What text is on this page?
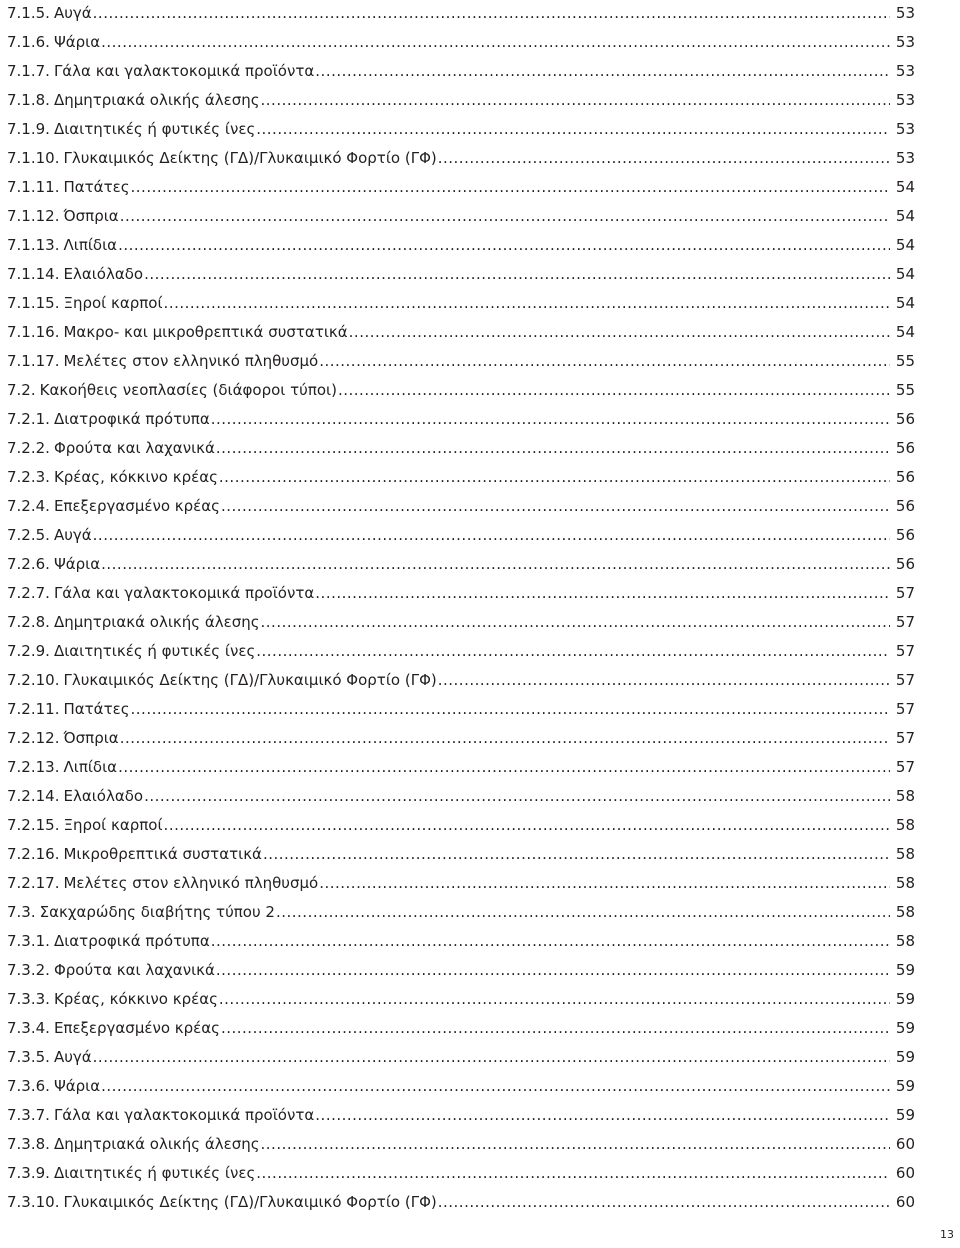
7.1.5. Αυγά .....	53
7.1.6. Ψάρια .....	53
7.1.7. Γάλα και γαλακτοκομικά προϊόντα .....	53
7.1.8. Δημητριακά ολικής άλεσης .....	53
7.1.9. Διαιτητικές ή φυτικές ίνες .....	53
7.1.10. Γλυκαιμικός Δείκτης (ΓΔ)/Γλυκαιμικό Φορτίο (ΓΦ) .....	53
7.1.11. Πατάτες .....	54
7.1.12. Όσπρια .....	54
7.1.13. Λιπίδια .....	54
7.1.14. Ελαιόλαδο .....	54
7.1.15. Ξηροί καρποί .....	54
7.1.16. Μακρο- και μικροθρεπτικά συστατικά .....	54
7.1.17. Μελέτες στον ελληνικό πληθυσμό .....	55
7.2. Κακοήθεις νεοπλασίες (διάφοροι τύποι) .....	55
7.2.1. Διατροφικά πρότυπα .....	56
7.2.2. Φρούτα και λαχανικά .....	56
7.2.3. Κρέας, κόκκινο κρέας .....	56
7.2.4. Επεξεργασμένο κρέας .....	56
7.2.5. Αυγά .....	56
7.2.6. Ψάρια .....	56
7.2.7. Γάλα και γαλακτοκομικά προϊόντα .....	57
7.2.8. Δημητριακά ολικής άλεσης .....	57
7.2.9. Διαιτητικές ή φυτικές ίνες .....	57
7.2.10. Γλυκαιμικός Δείκτης (ΓΔ)/Γλυκαιμικό Φορτίο (ΓΦ) .....	57
7.2.11. Πατάτες .....	57
7.2.12. Όσπρια .....	57
7.2.13. Λιπίδια .....	57
7.2.14. Ελαιόλαδο .....	58
7.2.15. Ξηροί καρποί .....	58
7.2.16. Μικροθρεπτικά συστατικά .....	58
7.2.17. Μελέτες στον ελληνικό πληθυσμό .....	58
7.3. Σακχαρώδης διαβήτης τύπου 2 .....	58
7.3.1. Διατροφικά πρότυπα .....	58
7.3.2. Φρούτα και λαχανικά .....	59
7.3.3. Κρέας, κόκκινο κρέας .....	59
7.3.4. Επεξεργασμένο κρέας .....	59
7.3.5. Αυγά .....	59
7.3.6. Ψάρια .....	59
7.3.7. Γάλα και γαλακτοκομικά προϊόντα .....	59
7.3.8. Δημητριακά ολικής άλεσης .....	60
7.3.9. Διαιτητικές ή φυτικές ίνες .....	60
7.3.10. Γλυκαιμικός Δείκτης (ΓΔ)/Γλυκαιμικό Φορτίο (ΓΦ) .....	60
13
